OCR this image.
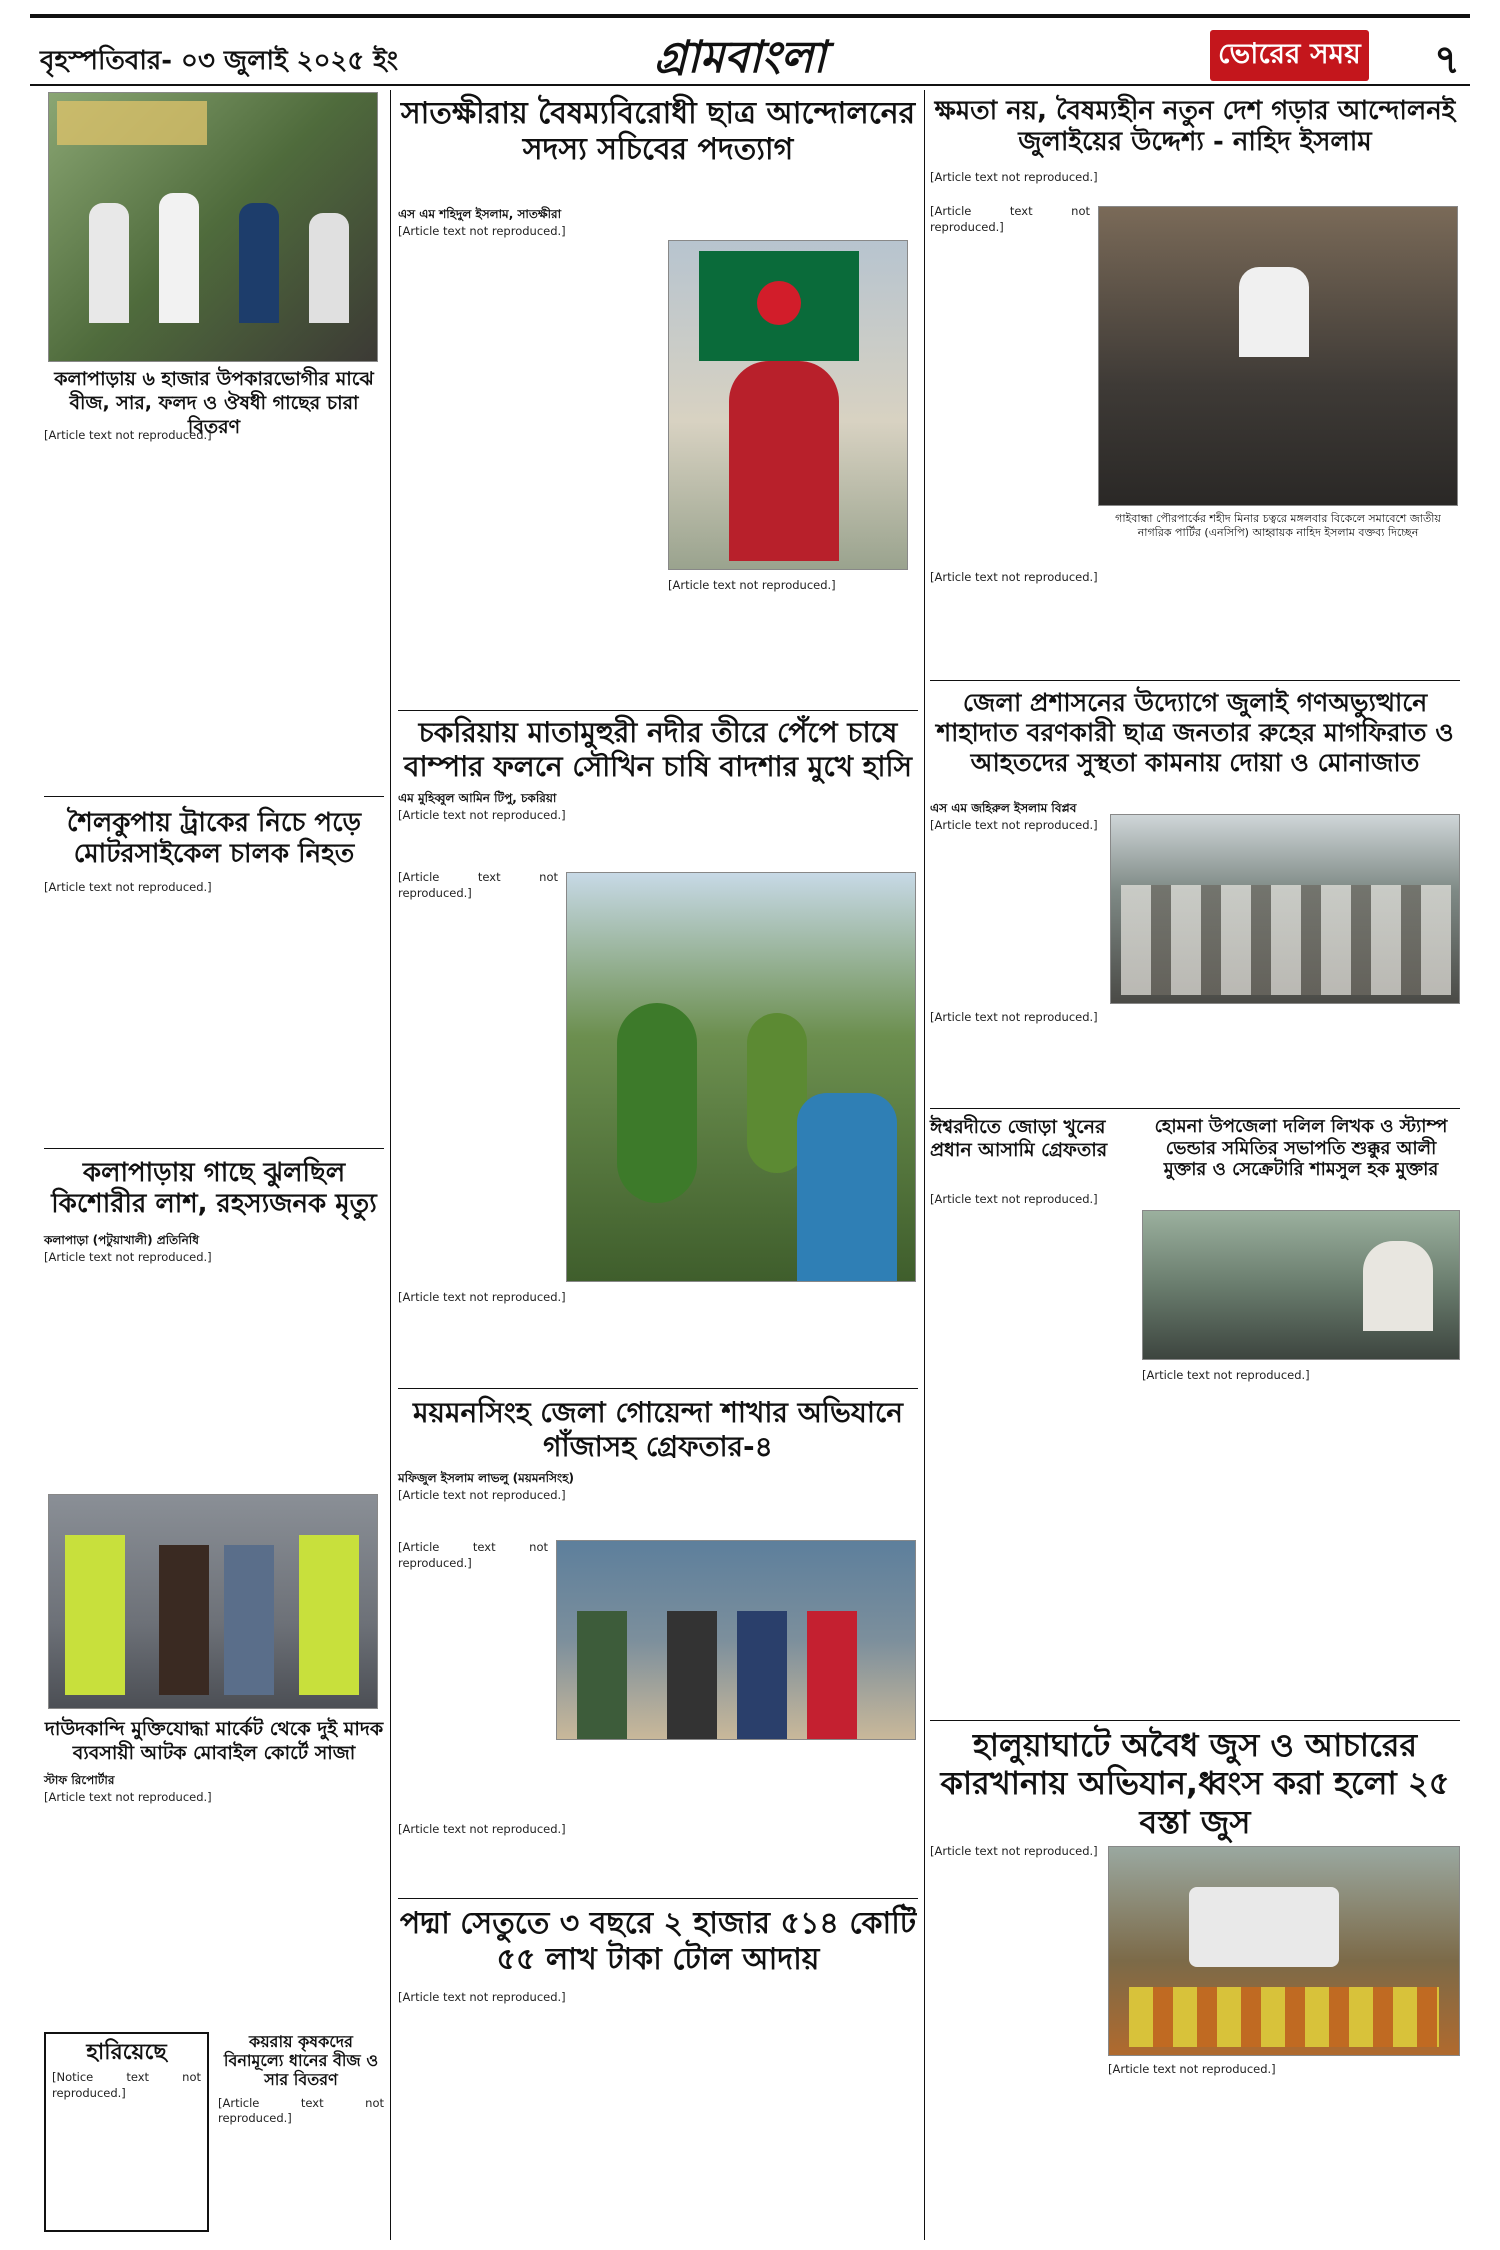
বৃহস্পতিবার- ০৩ জুলাই ২০২৫ ইং	গ্রামবাংলা	ভোরের সময়	৭
কলাপাড়ায় ৬ হাজার উপকারভোগীর মাঝে বীজ, সার, ফলদ ও ঔষধী গাছের চারা বিতরণ

[Article text not reproduced.]

শৈলকুপায় ট্রাকের নিচে পড়ে মোটরসাইকেল চালক নিহত

[Article text not reproduced.]

কলাপাড়ায় গাছে ঝুলছিল কিশোরীর লাশ, রহস্যজনক মৃত্যু
কলাপাড়া (পটুয়াখালী) প্রতিনিধি

[Article text not reproduced.]

দাউদকান্দি মুক্তিযোদ্ধা মার্কেট থেকে দুই মাদক ব্যবসায়ী আটক মোবাইল কোর্টে সাজা
স্টাফ রিপোর্টার

[Article text not reproduced.]

হারিয়েছে

[Notice text not reproduced.]

কয়রায় কৃষকদের বিনামূল্যে ধানের বীজ ও সার বিতরণ

[Article text not reproduced.]

সাতক্ষীরায় বৈষম্যবিরোধী ছাত্র আন্দোলনের সদস্য সচিবের পদত্যাগ
এস এম শহিদুল ইসলাম, সাতক্ষীরা

[Article text not reproduced.]

[Article text not reproduced.]

চকরিয়ায় মাতামুহুরী নদীর তীরে পেঁপে চাষে বাম্পার ফলনে সৌখিন চাষি বাদশার মুখে হাসি
এম মুহিব্বুল আমিন টিপু, চকরিয়া

[Article text not reproduced.]

[Article text not reproduced.]

[Article text not reproduced.]

ময়মনসিংহ জেলা গোয়েন্দা শাখার অভিযানে গাঁজাসহ গ্রেফতার-৪
মফিজুল ইসলাম লাভলু (ময়মনসিংহ)

[Article text not reproduced.]

[Article text not reproduced.]

[Article text not reproduced.]

পদ্মা সেতুতে ৩ বছরে ২ হাজার ৫১৪ কোটি ৫৫ লাখ টাকা টোল আদায়

[Article text not reproduced.]

ক্ষমতা নয়, বৈষম্যহীন নতুন দেশ গড়ার আন্দোলনই জুলাইয়ের উদ্দেশ্য - নাহিদ ইসলাম

[Article text not reproduced.]

[Article text not reproduced.]

গাইবান্ধা পৌরপার্কের শহীদ মিনার চত্বরে মঙ্গলবার বিকেলে সমাবেশে জাতীয় নাগরিক পার্টির (এনসিপি) আহ্বায়ক নাহিদ ইসলাম বক্তব্য দিচ্ছেন

[Article text not reproduced.]

জেলা প্রশাসনের উদ্যোগে জুলাই গণঅভ্যুত্থানে শাহাদাত বরণকারী ছাত্র জনতার রুহের মাগফিরাত ও আহতদের সুস্থতা কামনায় দোয়া ও মোনাজাত
এস এম জহিরুল ইসলাম বিপ্লব

[Article text not reproduced.]

[Article text not reproduced.]

ঈশ্বরদীতে জোড়া খুনের প্রধান আসামি গ্রেফতার

[Article text not reproduced.]

হোমনা উপজেলা দলিল লিখক ও স্ট্যাম্প ভেন্ডার সমিতির সভাপতি শুক্কুর আলী মুক্তার ও সেক্রেটারি শামসুল হক মুক্তার

[Article text not reproduced.]

হালুয়াঘাটে অবৈধ জুস ও আচারের কারখানায় অভিযান,ধ্বংস করা হলো ২৫ বস্তা জুস

[Article text not reproduced.]

[Article text not reproduced.]
